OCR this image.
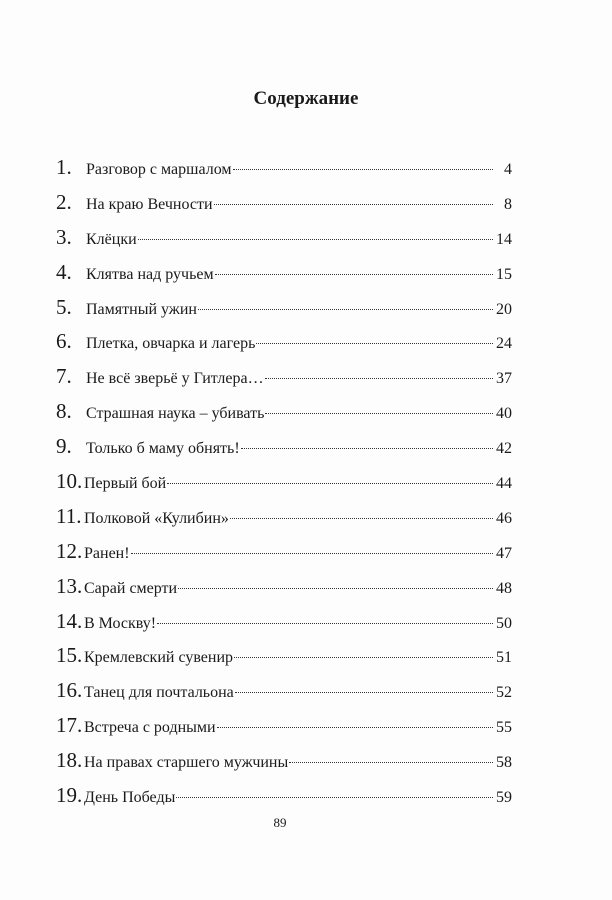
Содержание
1. Разговор с маршалом	4
2. На краю Вечности	8
3. Клёцки	14
4. Клятва над ручьем	15
5. Памятный ужин	20
6. Плетка, овчарка и лагерь	24
7. Не всё зверьё у Гитлера…	37
8. Страшная наука – убивать	40
9. Только б маму обнять!	42
10. Первый бой	44
11. Полковой «Кулибин»	46
12. Ранен!	47
13. Сарай смерти	48
14. В Москву!	50
15. Кремлевский сувенир	51
16. Танец для почтальона	52
17. Встреча с родными	55
18. На правах старшего мужчины	58
19. День Победы	59
89
